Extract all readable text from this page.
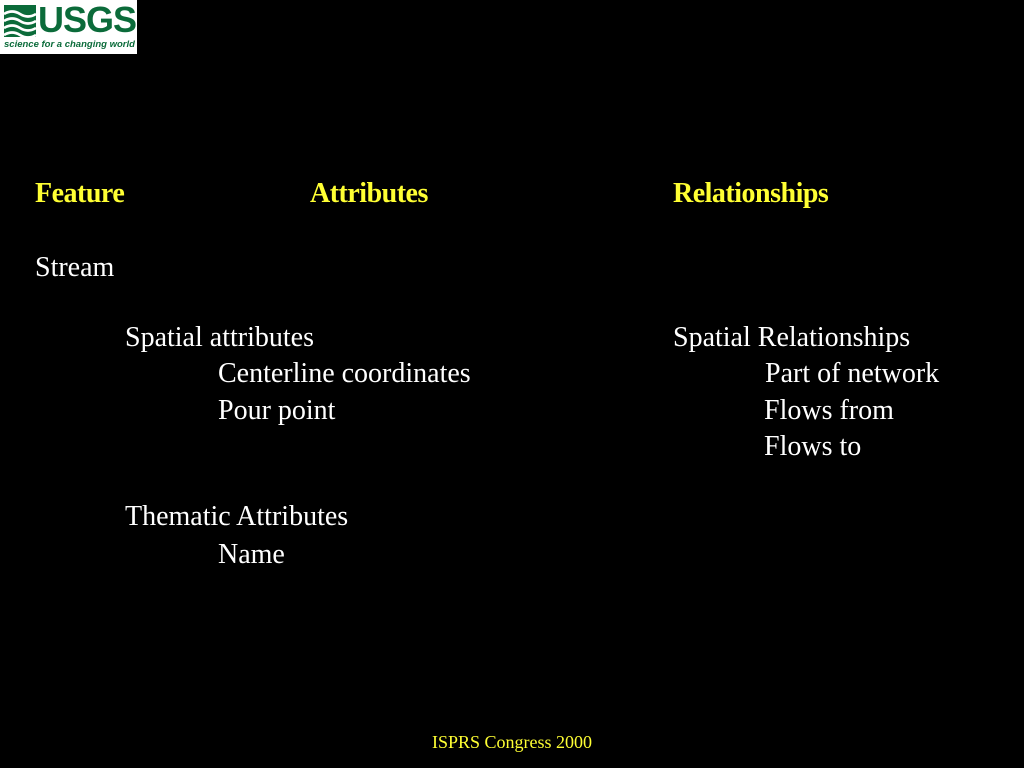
USGS
science for a changing world
Feature	Attributes	Relationships
Stream
Spatial attributes
Centerline coordinates
Pour point
Thematic Attributes
Name
Spatial Relationships
Part of network
Flows from
Flows to
ISPRS Congress 2000
